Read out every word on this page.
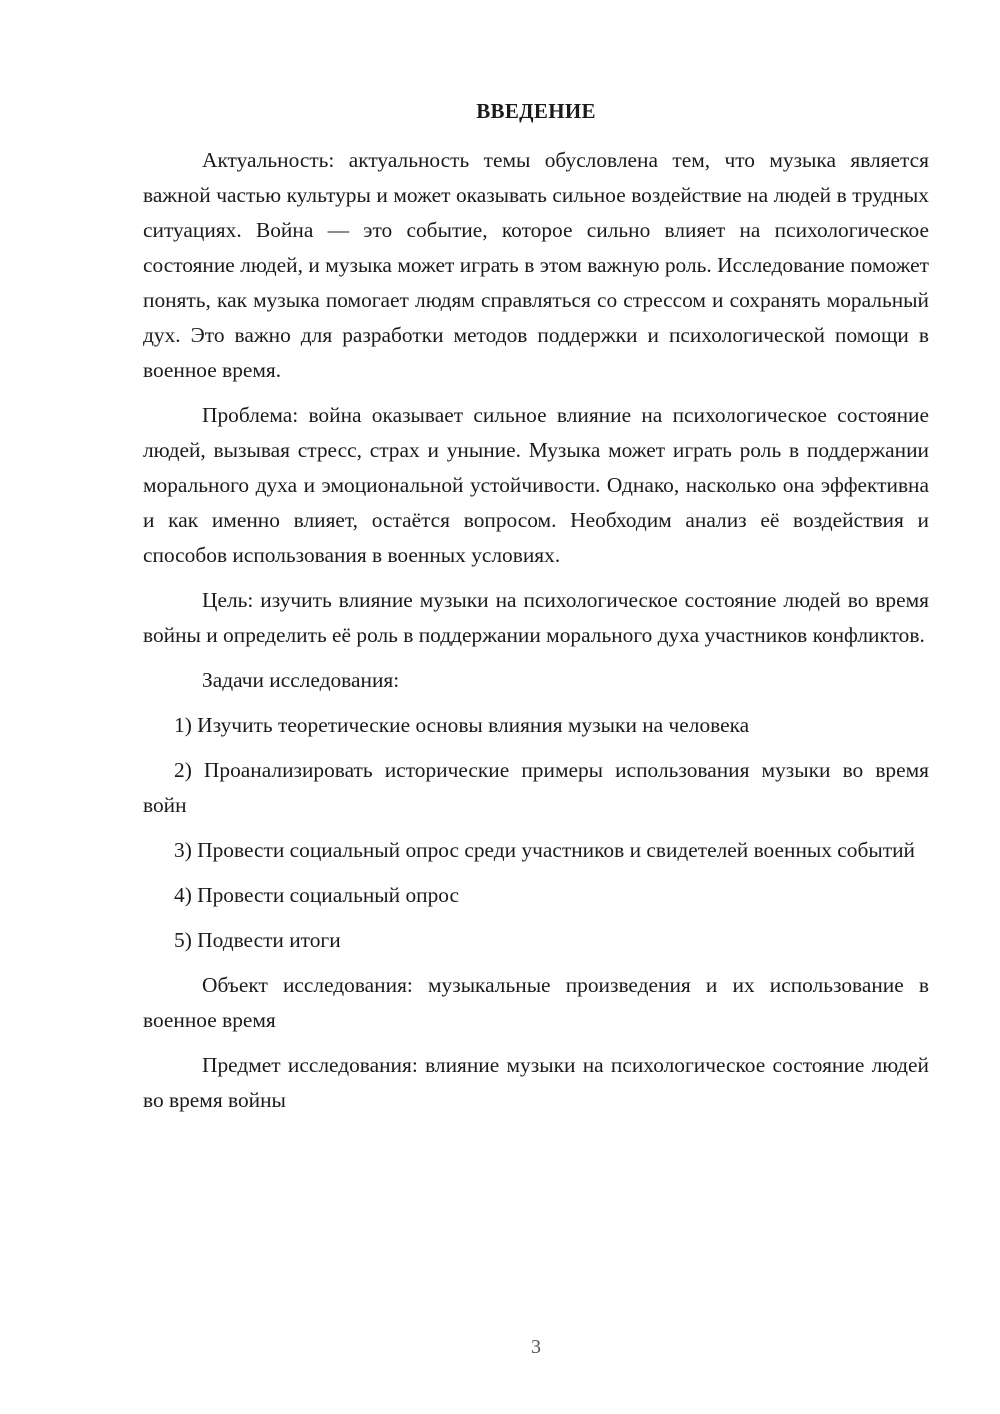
ВВЕДЕНИЕ

Актуальность: актуальность темы обусловлена тем, что музыка является важной частью культуры и может оказывать сильное воздействие на людей в трудных ситуациях. Война — это событие, которое сильно влияет на психологическое состояние людей, и музыка может играть в этом важную роль. Исследование поможет понять, как музыка помогает людям справляться со стрессом и сохранять моральный дух. Это важно для разработки методов поддержки и психологической помощи в военное время.

Проблема: война оказывает сильное влияние на психологическое состояние людей, вызывая стресс, страх и уныние. Музыка может играть роль в поддержании морального духа и эмоциональной устойчивости. Однако, насколько она эффективна и как именно влияет, остаётся вопросом. Необходим анализ её воздействия и способов использования в военных условиях.

Цель: изучить влияние музыки на психологическое состояние людей во время войны и определить её роль в поддержании морального духа участников конфликтов.

Задачи исследования:

1) Изучить теоретические основы влияния музыки на человека

2) Проанализировать исторические примеры использования музыки во время войн

3) Провести социальный опрос среди участников и свидетелей военных событий

4) Провести социальный опрос

5) Подвести итоги

Объект исследования: музыкальные произведения и их использование в военное время

Предмет исследования: влияние музыки на психологическое состояние людей во время войны

3
